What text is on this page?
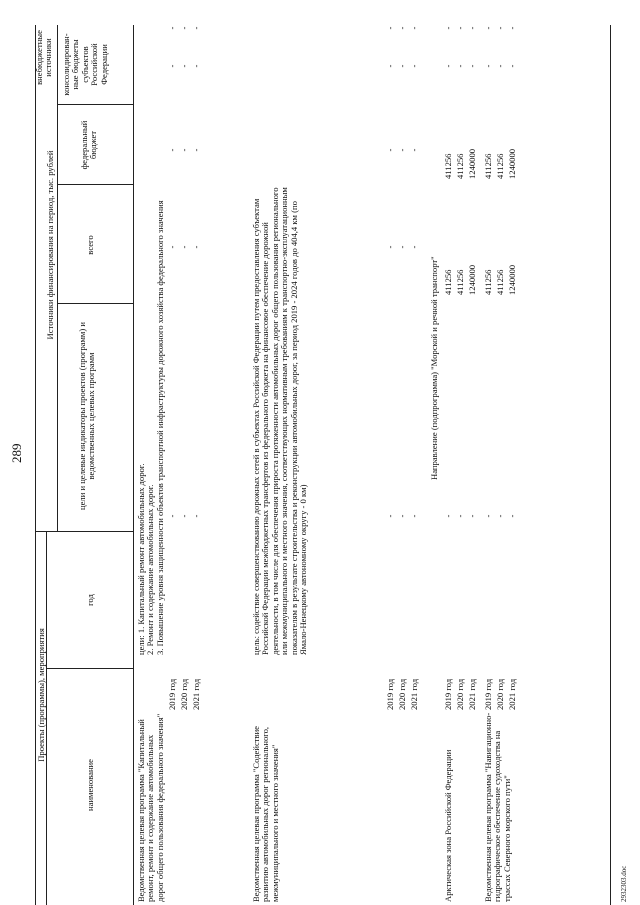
289
Проекты (программы), мероприятия
наименование
год
цели и целевые индикаторы проектов (программ) и ведомственных целевых программ
Источники финансирования на период, тыс. рублей	всего
федеральный бюджет
консолидирован-ные бюджеты субъектов Российской Федерации
внебюджетные источники
Ведомственная целевая программа "Капитальный ремонт, ремонт и содержание автомобильных дорог общего пользования федерального значения"
цели: 1. Капитальный ремонт автомобильных дорог.
2. Ремонт и содержание автомобильных дорог.
3. Повышение уровня защищенности объектов транспортной инфраструктуры дорожного хозяйства федерального значения
2019 год 2020 год 2021 год
- - -
- - -
- - -
- - -
- - -
Ведомственная целевая программа "Содействие развитию автомобильных дорог регионального, межмуниципального и местного значения"
цель: содействие совершенствованию дорожных сетей в субъектах Российской Федерации путем предоставления субъектам Российской Федерации межбюджетных трансфертов из федерального бюджета на финансовое обеспечение дорожной деятельности, в том числе для обеспечения прироста протяженности автомобильных дорог общего пользования регионального или межмуниципального и местного значения, соответствующих нормативным требованиям к транспортно-эксплуатационным показателям в результате строительства и реконструкции автомобильных дорог, за период 2019 - 2024 годов до 404,4 км (по Ямало-Ненецкому автономному округу - 0 км)
2019 год 2020 год 2021 год
- - -
- - -
- - -
- - -
- - -
Направление (подпрограмма) "Морской и речной транспорт"
Арктическая зона Российской Федерации
2019 год 2020 год 2021 год
- - -
411256 411256 1240000
411256 411256 1240000
- - -
- - -
Ведомственная целевая программа "Навигационно-гидрографическое обеспечение судоходства на трассах Северного морского пути"
2019 год 2020 год 2021 год
- - -
411256 411256 1240000
411256 411256 1240000
- - -
- - -
2932303.doc
